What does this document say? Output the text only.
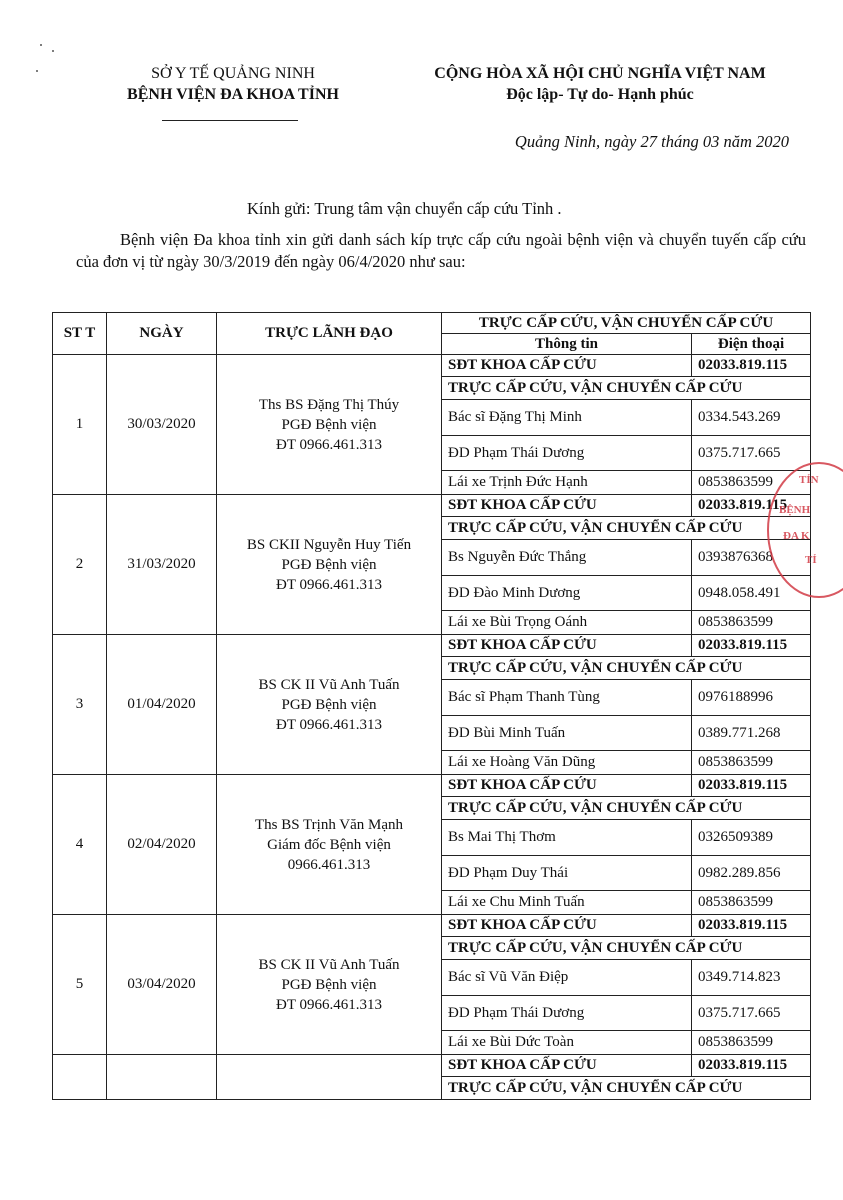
SỞ Y TẾ QUẢNG NINH
BỆNH VIỆN ĐA KHOA TỈNH
CỘNG HÒA XÃ HỘI CHỦ NGHĨA VIỆT NAM
Độc lập- Tự do- Hạnh phúc
Quảng Ninh, ngày 27 tháng 03 năm 2020
Kính gửi: Trung tâm vận chuyển cấp cứu Tỉnh .
Bệnh viện Đa khoa tỉnh xin gửi danh sách kíp trực cấp cứu ngoài bệnh viện và chuyển tuyến cấp cứu của đơn vị từ ngày 30/3/2019 đến ngày 06/4/2020 như sau:
ST T	NGÀY	TRỰC LÃNH ĐẠO	TRỰC CẤP CỨU, VẬN CHUYỂN CẤP CỨU	
			Thông tin	Điện thoại
1	30/03/2020	Ths BS Đặng Thị Thúy
PGĐ Bệnh viện
ĐT 0966.461.313	SĐT KHOA CẤP CỨU	02033.819.115
			TRỰC CẤP CỨU, VẬN CHUYỂN CẤP CỨU	
			Bác sĩ Đặng Thị Minh	0334.543.269
			ĐD Phạm Thái Dương	0375.717.665
			Lái xe Trịnh Đức Hạnh	0853863599
2	31/03/2020	BS CKII Nguyễn Huy Tiến
PGĐ Bệnh viện
ĐT 0966.461.313	SĐT KHOA CẤP CỨU	02033.819.115
			TRỰC CẤP CỨU, VẬN CHUYỂN CẤP CỨU	
			Bs Nguyễn Đức Thắng	0393876368
			ĐD Đào Minh Dương	0948.058.491
			Lái xe Bùi Trọng Oánh	0853863599
3	01/04/2020	BS CK II Vũ Anh Tuấn
PGĐ Bệnh viện
ĐT 0966.461.313	SĐT KHOA CẤP CỨU	02033.819.115
			TRỰC CẤP CỨU, VẬN CHUYỂN CẤP CỨU	
			Bác sĩ Phạm Thanh Tùng	0976188996
			ĐD Bùi Minh Tuấn	0389.771.268
			Lái xe Hoàng Văn Dũng	0853863599
4	02/04/2020	Ths BS Trịnh Văn Mạnh
Giám đốc Bệnh viện
0966.461.313	SĐT KHOA CẤP CỨU	02033.819.115
			TRỰC CẤP CỨU, VẬN CHUYỂN CẤP CỨU	
			Bs Mai Thị Thơm	0326509389
			ĐD Phạm Duy Thái	0982.289.856
			Lái xe Chu Minh Tuấn	0853863599
5	03/04/2020	BS CK II Vũ Anh Tuấn
PGĐ Bệnh viện
ĐT 0966.461.313	SĐT KHOA CẤP CỨU	02033.819.115
			TRỰC CẤP CỨU, VẬN CHUYỂN CẤP CỨU	
			Bác sĩ Vũ Văn Điệp	0349.714.823
			ĐD Phạm Thái Dương	0375.717.665
			Lái xe Bùi Dức Toàn	0853863599
			SĐT KHOA CẤP CỨU	02033.819.115
			TRỰC CẤP CỨU, VẬN CHUYỂN CẤP CỨU	
TỈN
BỆNH
ĐA K
TỈ
